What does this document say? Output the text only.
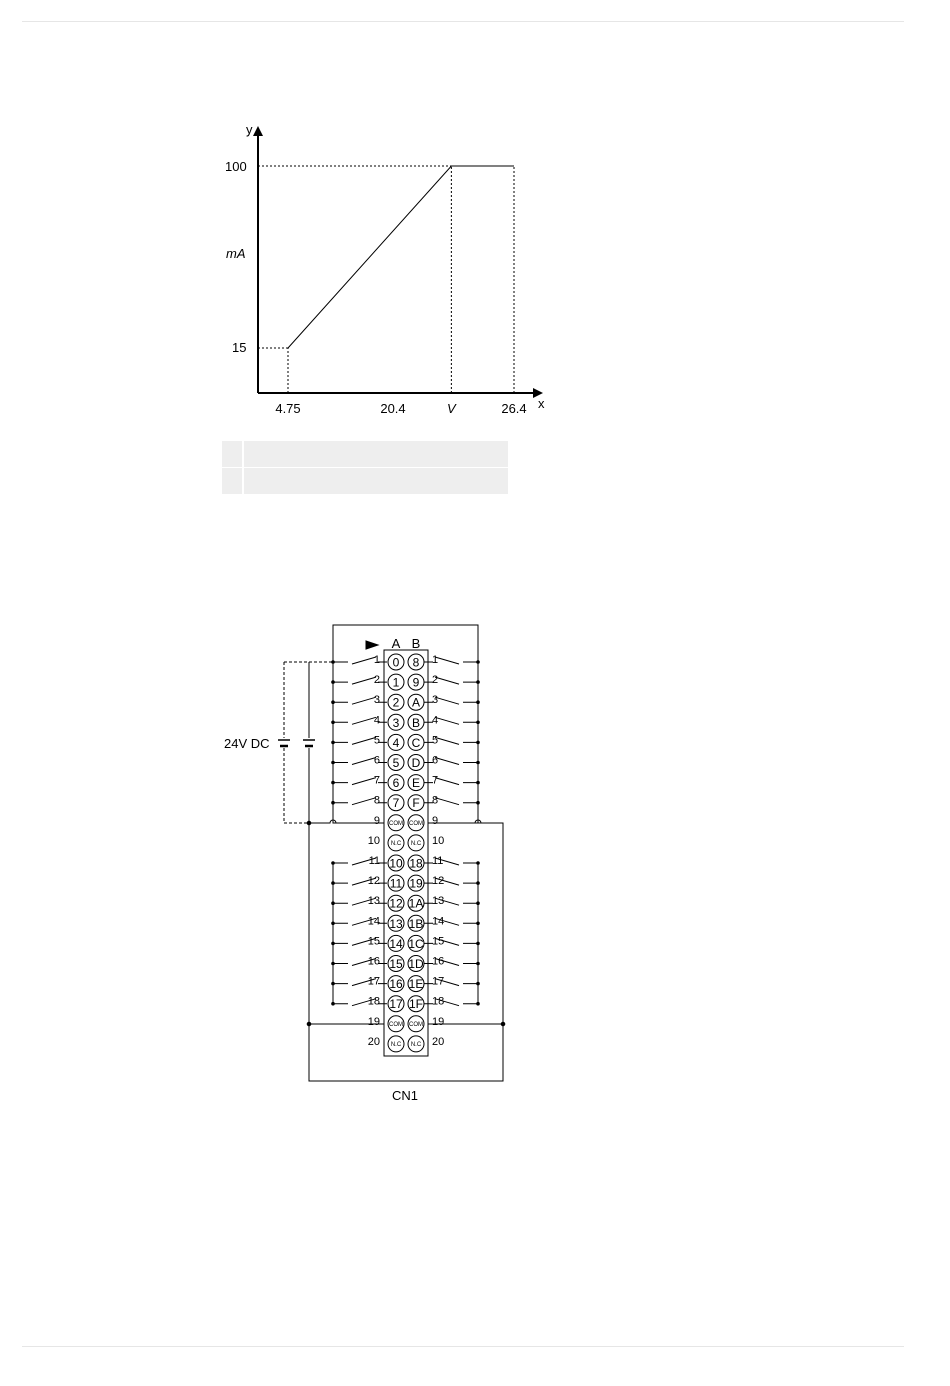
y
x
mA
V
100
15
4.75	20.4	26.4
1	1
0 8
2	2
1 9
3	3
2 A
4	4
3 B
5	5
4 C
6	6
5 D
7	7
6 E
8	8
7 F
9	9
COM COM
10	10
N.C N.C
11	11
10 18
12	12
11 19
13	13
12 1A
14	14
13 1B
15	15
14 1C
16	16
15 1D
17	17
16 1E
18	18
17 1F
19	19
COM COM
20	20
N.C N.C
A B
24V DC
CN1
